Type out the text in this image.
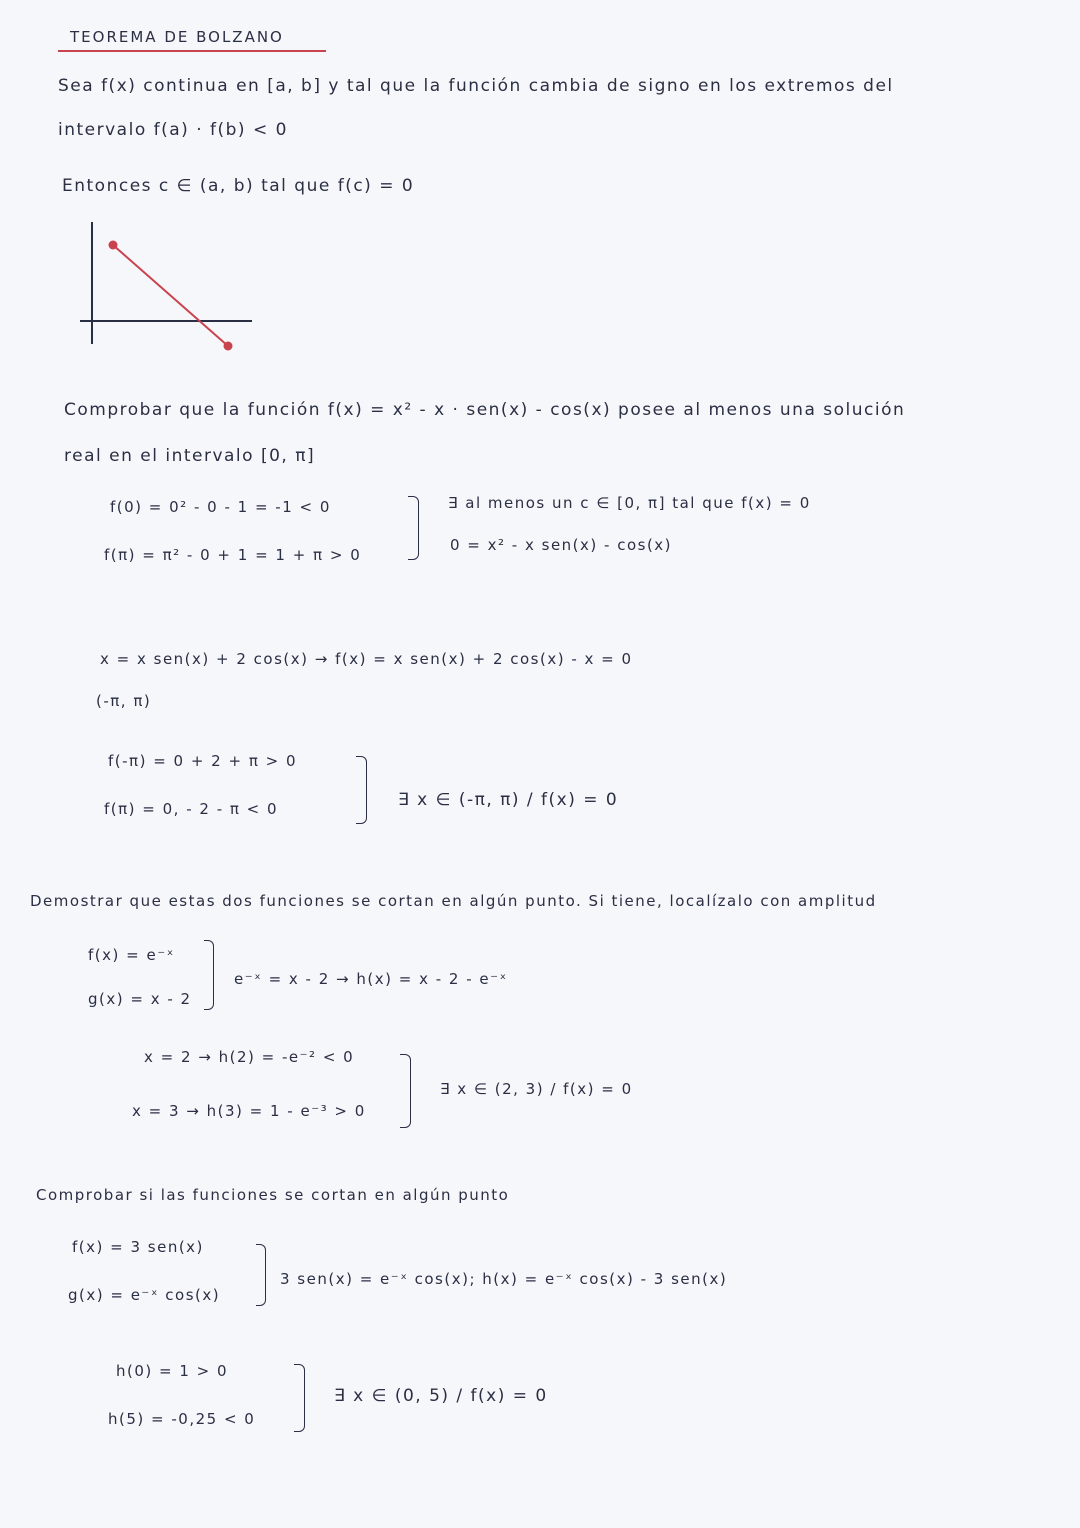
TEOREMA DE BOLZANO
Sea f(x) continua en [a, b] y tal que la función cambia de signo en los extremos del
intervalo f(a) · f(b) < 0
Entonces c ∈ (a, b) tal que f(c) = 0
Comprobar que la función f(x) = x² - x · sen(x) - cos(x) posee al menos una solución
real en el intervalo [0, π]
f(0) = 0² - 0 - 1 = -1 < 0
f(π) = π² - 0 + 1 = 1 + π > 0
∃ al menos un c ∈ [0, π] tal que f(x) = 0
0 = x² - x sen(x) - cos(x)
x = x sen(x) + 2 cos(x) → f(x) = x sen(x) + 2 cos(x) - x = 0
(-π, π)
f(-π) = 0 + 2 + π > 0
f(π) = 0, - 2 - π < 0	∃ x ∈ (-π, π) / f(x) = 0
Demostrar que estas dos funciones se cortan en algún punto. Si tiene, localízalo con amplitud
f(x) = e⁻ˣ
g(x) = x - 2
e⁻ˣ = x - 2 → h(x) = x - 2 - e⁻ˣ
x = 2 → h(2) = -e⁻² < 0
x = 3 → h(3) = 1 - e⁻³ > 0
∃ x ∈ (2, 3) / f(x) = 0
Comprobar si las funciones se cortan en algún punto
f(x) = 3 sen(x)
g(x) = e⁻ˣ cos(x)
3 sen(x) = e⁻ˣ cos(x); h(x) = e⁻ˣ cos(x) - 3 sen(x)
h(0) = 1 > 0
h(5) = -0,25 < 0
∃ x ∈ (0, 5) / f(x) = 0
